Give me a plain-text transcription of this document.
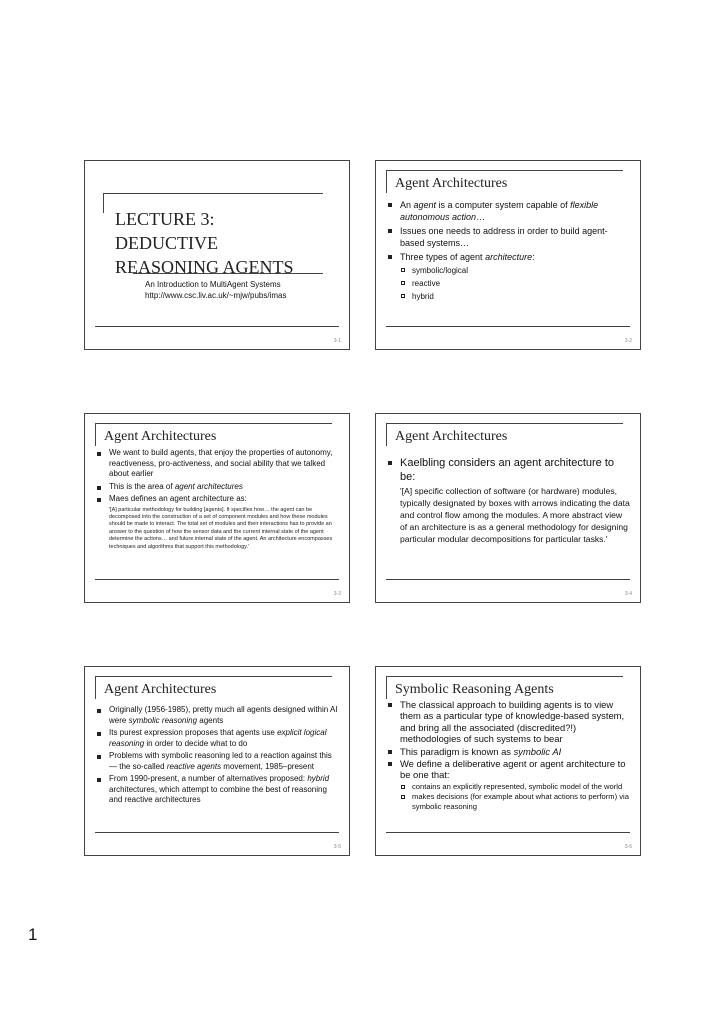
LECTURE 3:
DEDUCTIVE
REASONING AGENTS
An Introduction to MultiAgent Systems
http://www.csc.liv.ac.uk/~mjw/pubs/imas
3-1
Agent Architectures
An agent is a computer system capable of flexible autonomous action…
Issues one needs to address in order to build agent-based systems…
Three types of agent architecture:
symbolic/logical
reactive
hybrid
3-2
Agent Architectures
We want to build agents, that enjoy the properties of autonomy, reactiveness, pro-activeness, and social ability that we talked about earlier
This is the area of agent architectures
Maes defines an agent architecture as:
'[A] particular methodology for building [agents]. It specifies how… the agent can be decomposed into the construction of a set of component modules and how these modules should be made to interact. The total set of modules and their interactions has to provide an answer to the question of how the sensor data and the current internal state of the agent determine the actions… and future internal state of the agent. An architecture encompasses techniques and algorithms that support this methodology.'
3-3
Agent Architectures
Kaelbling considers an agent architecture to be:
'[A] specific collection of software (or hardware) modules, typically designated by boxes with arrows indicating the data and control flow among the modules. A more abstract view of an architecture is as a general methodology for designing particular modular decompositions for particular tasks.'
3-4
Agent Architectures
Originally (1956-1985), pretty much all agents designed within AI were symbolic reasoning agents
Its purest expression proposes that agents use explicit logical reasoning in order to decide what to do
Problems with symbolic reasoning led to a reaction against this — the so-called reactive agents movement, 1985–present
From 1990-present, a number of alternatives proposed: hybrid architectures, which attempt to combine the best of reasoning and reactive architectures
3-5
Symbolic Reasoning Agents
The classical approach to building agents is to view them as a particular type of knowledge-based system, and bring all the associated (discredited?!) methodologies of such systems to bear
This paradigm is known as symbolic AI
We define a deliberative agent or agent architecture to be one that:
contains an explicitly represented, symbolic model of the world
makes decisions (for example about what actions to perform) via symbolic reasoning
3-6
1
